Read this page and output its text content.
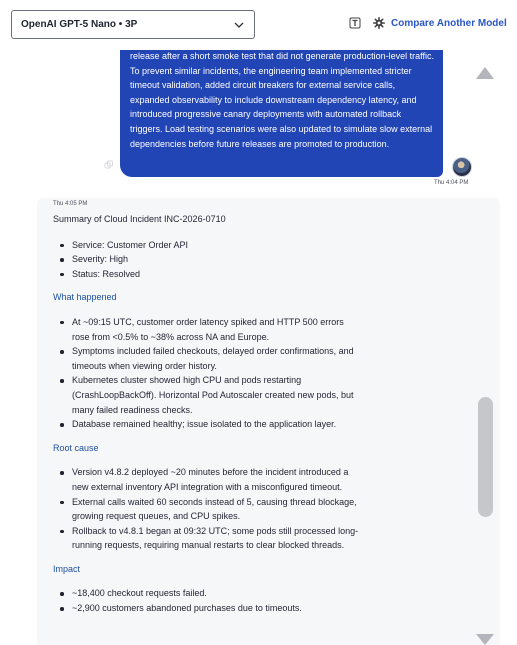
OpenAI GPT-5 Nano • 3P	Compare Another Model

release after a short smoke test that did not generate production-level traffic. To prevent similar incidents, the engineering team implemented stricter timeout validation, added circuit breakers for external service calls, expanded observability to include downstream dependency latency, and introduced progressive canary deployments with automated rollback triggers. Load testing scenarios were also updated to simulate slow external dependencies before future releases are promoted to production.

Thu 4:04 PM
Thu 4:05 PM
Summary of Cloud Incident INC-2026-0710
Service: Customer Order API
Severity: High
Status: Resolved
What happened
At ~09:15 UTC, customer order latency spiked and HTTP 500 errors rose from <0.5% to ~38% across NA and Europe.
Symptoms included failed checkouts, delayed order confirmations, and timeouts when viewing order history.
Kubernetes cluster showed high CPU and pods restarting (CrashLoopBackOff). Horizontal Pod Autoscaler created new pods, but many failed readiness checks.
Database remained healthy; issue isolated to the application layer.
Root cause
Version v4.8.2 deployed ~20 minutes before the incident introduced a new external inventory API integration with a misconfigured timeout.
External calls waited 60 seconds instead of 5, causing thread blockage, growing request queues, and CPU spikes.
Rollback to v4.8.1 began at 09:32 UTC; some pods still processed long-running requests, requiring manual restarts to clear blocked threads.
Impact
~18,400 checkout requests failed.
~2,900 customers abandoned purchases due to timeouts.
